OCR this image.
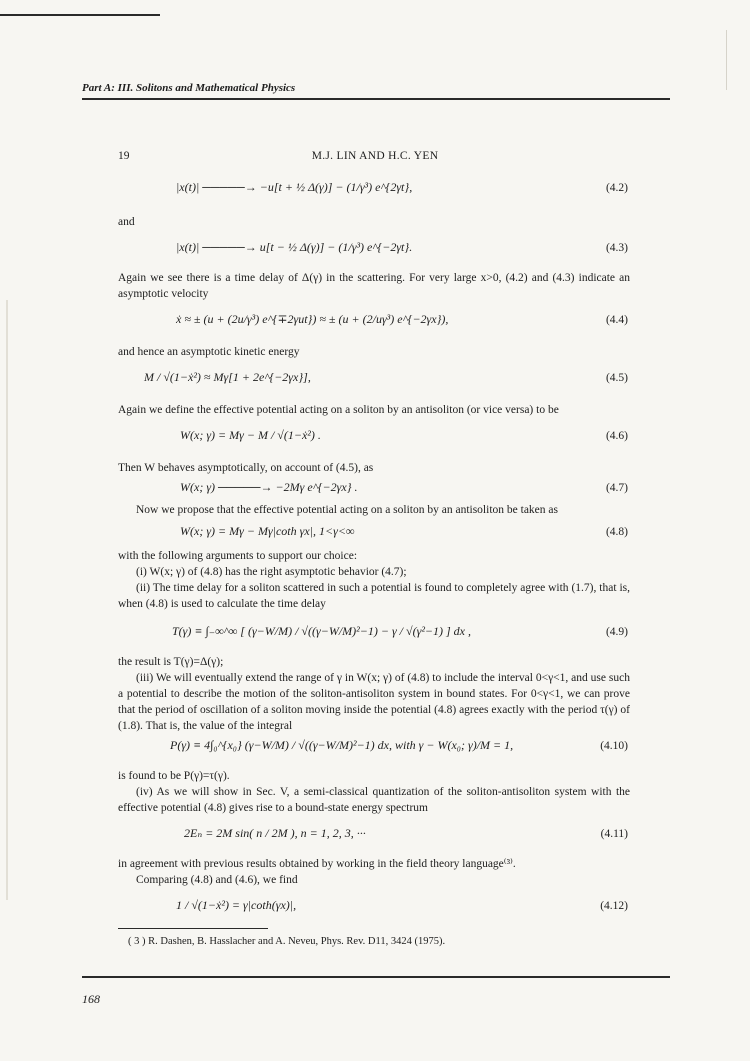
Part A: III. Solitons and Mathematical Physics
19	M.J. LIN AND H.C. YEN
|x(t)| ─────→ −u[t + ½ Δ(γ)] − (1/γ³) e^{2γt},	(4.2)
and
|x(t)| ─────→ u[t − ½ Δ(γ)] − (1/γ³) e^{−2γt}.	(4.3)
Again we see there is a time delay of Δ(γ) in the scattering. For very large x>0, (4.2) and (4.3) indicate an asymptotic velocity
ẋ ≈ ± (u + (2u/γ³) e^{∓2γut}) ≈ ± (u + (2/uγ³) e^{−2γx}),	(4.4)
and hence an asymptotic kinetic energy
M / √(1−ẋ²) ≈ Mγ[1 + 2e^{−2γx}],	(4.5)
Again we define the effective potential acting on a soliton by an antisoliton (or vice versa) to be
W(x; γ) = Mγ − M / √(1−ẋ²) .	(4.6)
Then W behaves asymptotically, on account of (4.5), as
W(x; γ) ─────→ −2Mγ e^{−2γx} .	(4.7)
Now we propose that the effective potential acting on a soliton by an antisoliton be taken as
W(x; γ) = Mγ − Mγ|coth γx|, 1<γ<∞	(4.8)
with the following arguments to support our choice:
(i) W(x; γ) of (4.8) has the right asymptotic behavior (4.7);
(ii) The time delay for a soliton scattered in such a potential is found to completely agree with (1.7), that is, when (4.8) is used to calculate the time delay
T(γ) ≡ ∫₋∞^∞ [ (γ−W/M) / √((γ−W/M)²−1) − γ / √(γ²−1) ] dx ,	(4.9)
the result is T(γ)=Δ(γ);
(iii) We will eventually extend the range of γ in W(x; γ) of (4.8) to include the interval 0<γ<1, and use such a potential to describe the motion of the soliton-antisoliton system in bound states. For 0<γ<1, we can prove that the period of oscillation of a soliton moving inside the potential (4.8) agrees exactly with the period τ(γ) of (1.8). That is, the value of the integral
P(γ) ≡ 4∫₀^{x₀} (γ−W/M) / √((γ−W/M)²−1) dx, with γ − W(x₀; γ)/M = 1,	(4.10)
is found to be P(γ)=τ(γ).
(iv) As we will show in Sec. V, a semi-classical quantization of the soliton-antisoliton system with the effective potential (4.8) gives rise to a bound-state energy spectrum
2Eₙ = 2M sin( n / 2M ), n = 1, 2, 3, ···	(4.11)
in agreement with previous results obtained by working in the field theory language⁽³⁾.
Comparing (4.8) and (4.6), we find
1 / √(1−ẋ²) = γ|coth(γx)|,	(4.12)
( 3 ) R. Dashen, B. Hasslacher and A. Neveu, Phys. Rev. D11, 3424 (1975).
168
